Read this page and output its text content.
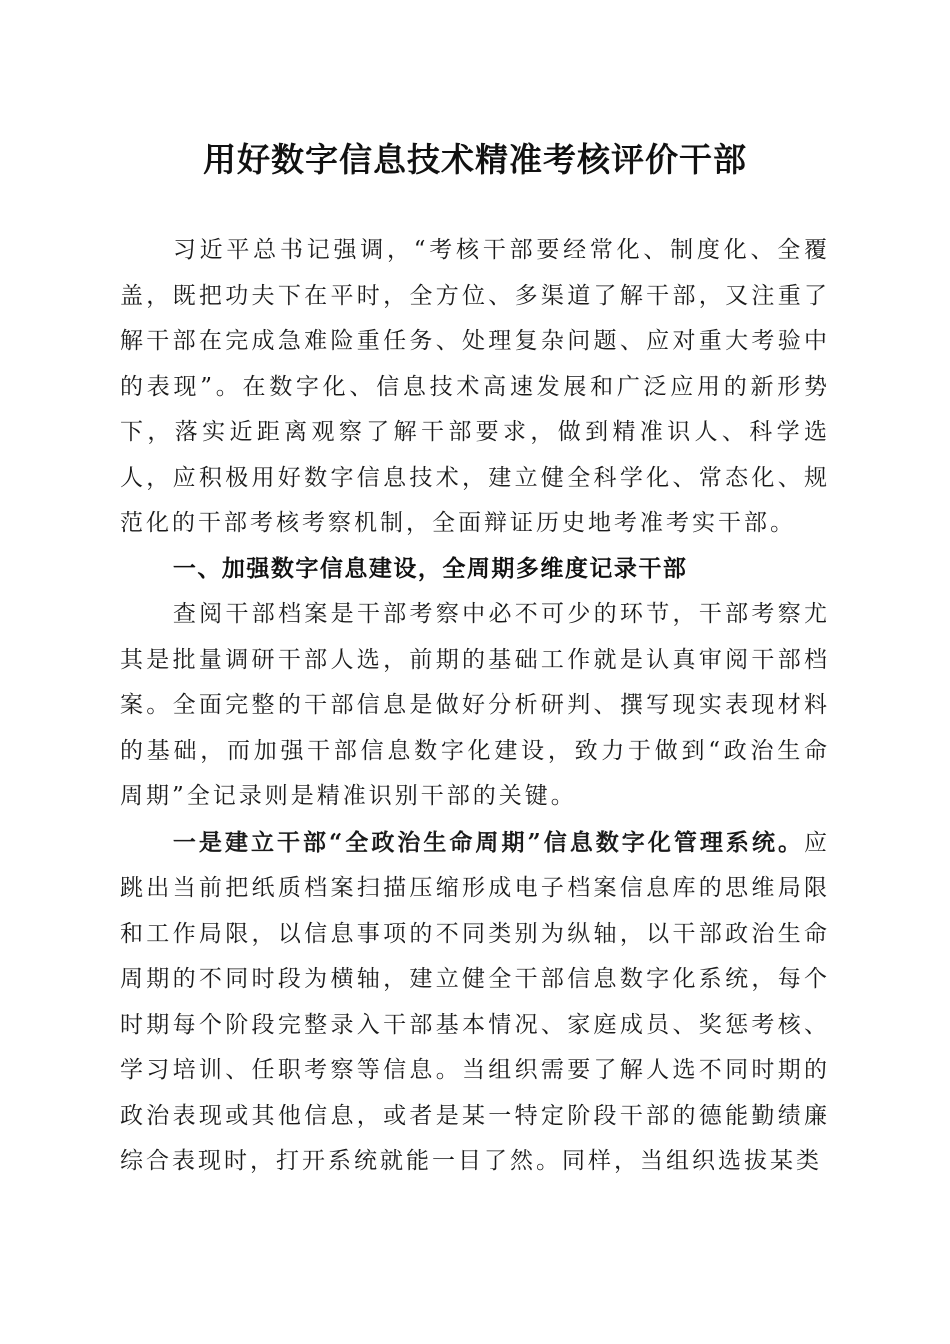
用好数字信息技术精准考核评价干部

习近平总书记强调，“考核干部要经常化、制度化、全覆盖，既把功夫下在平时，全方位、多渠道了解干部，又注重了解干部在完成急难险重任务、处理复杂问题、应对重大考验中的表现”。在数字化、信息技术高速发展和广泛应用的新形势下，落实近距离观察了解干部要求，做到精准识人、科学选人，应积极用好数字信息技术，建立健全科学化、常态化、规范化的干部考核考察机制，全面辩证历史地考准考实干部。

一、加强数字信息建设，全周期多维度记录干部

查阅干部档案是干部考察中必不可少的环节，干部考察尤其是批量调研干部人选，前期的基础工作就是认真审阅干部档案。全面完整的干部信息是做好分析研判、撰写现实表现材料的基础，而加强干部信息数字化建设，致力于做到“政治生命周期”全记录则是精准识别干部的关键。

一是建立干部“全政治生命周期”信息数字化管理系统。应跳出当前把纸质档案扫描压缩形成电子档案信息库的思维局限和工作局限，以信息事项的不同类别为纵轴，以干部政治生命周期的不同时段为横轴，建立健全干部信息数字化系统，每个时期每个阶段完整录入干部基本情况、家庭成员、奖惩考核、学习培训、任职考察等信息。当组织需要了解人选不同时期的政治表现或其他信息，或者是某一特定阶段干部的德能勤绩廉综合表现时，打开系统就能一目了然。同样，当组织选拔某类
